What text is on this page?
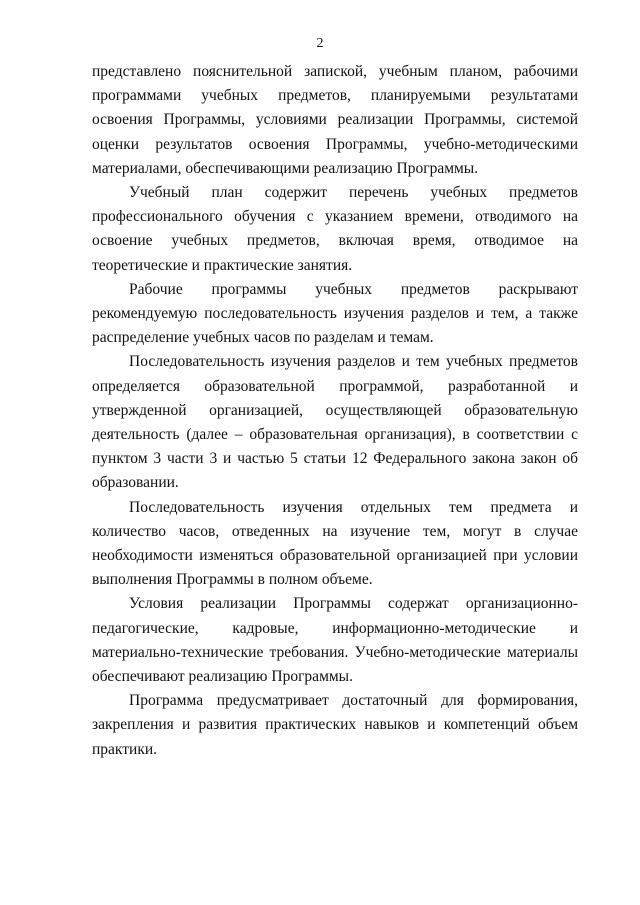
2

представлено пояснительной запиской, учебным планом, рабочими программами учебных предметов, планируемыми результатами освоения Программы, условиями реализации Программы, системой оценки результатов освоения Программы, учебно-методическими материалами, обеспечивающими реализацию Программы.

Учебный план содержит перечень учебных предметов профессионального обучения с указанием времени, отводимого на освоение учебных предметов, включая время, отводимое на теоретические и практические занятия.

Рабочие программы учебных предметов раскрывают рекомендуемую последовательность изучения разделов и тем, а также распределение учебных часов по разделам и темам.

Последовательность изучения разделов и тем учебных предметов определяется образовательной программой, разработанной и утвержденной организацией, осуществляющей образовательную деятельность (далее – образовательная организация), в соответствии с пунктом 3 части 3 и частью 5 статьи 12 Федерального закона закон об образовании.

Последовательность изучения отдельных тем предмета и количество часов, отведенных на изучение тем, могут в случае необходимости изменяться образовательной организацией при условии выполнения Программы в полном объеме.

Условия реализации Программы содержат организационно-педагогические, кадровые, информационно-методические и материально-технические требования. Учебно-методические материалы обеспечивают реализацию Программы.

Программа предусматривает достаточный для формирования, закрепления и развития практических навыков и компетенций объем практики.
